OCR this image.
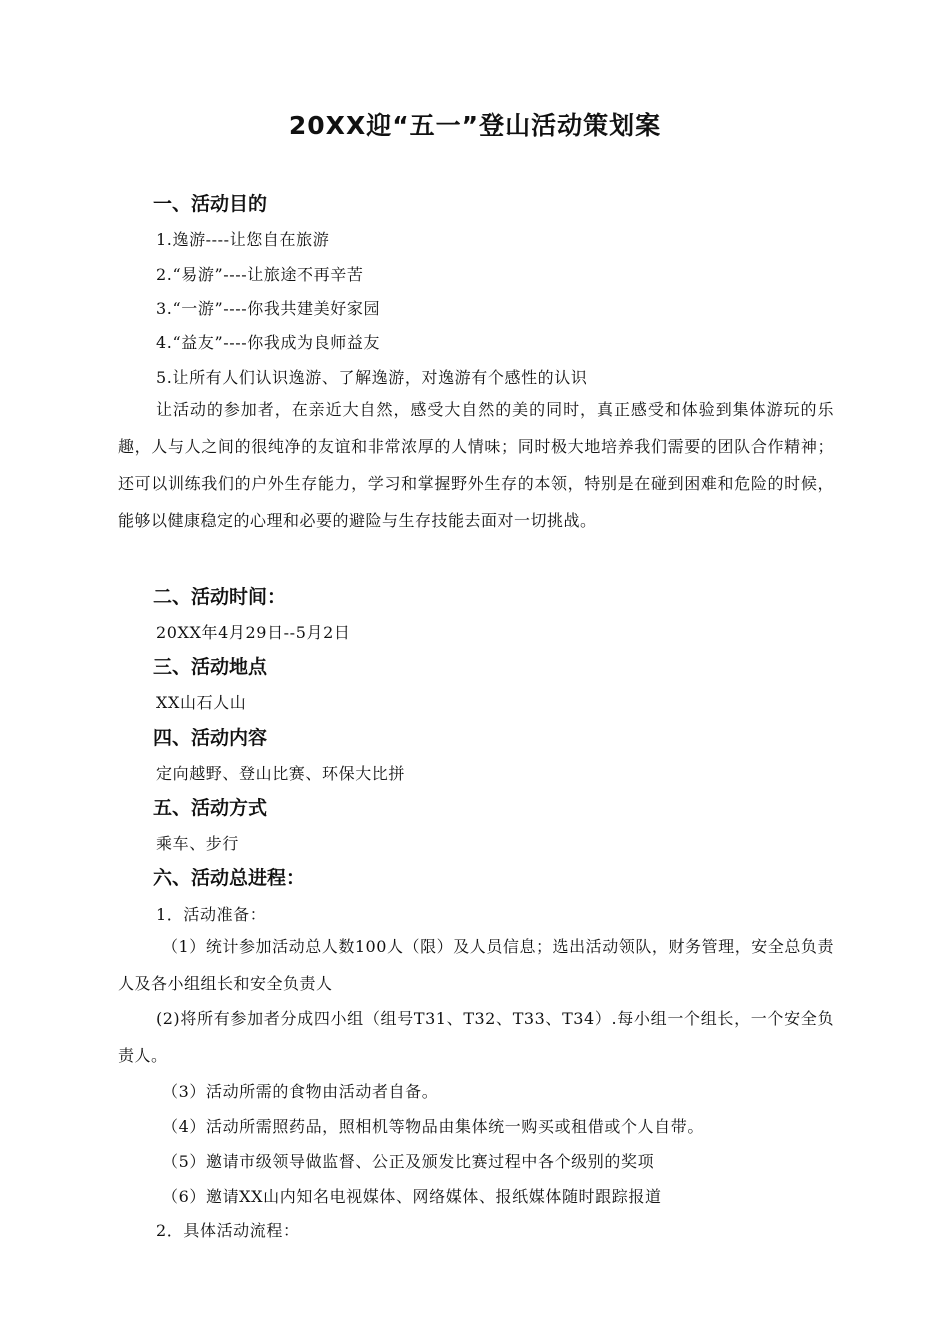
20XX迎“五一”登山活动策划案
一、活动目的
1.逸游----让您自在旅游
2.“易游”----让旅途不再辛苦
3.“一游”----你我共建美好家园
4.“益友”----你我成为良师益友
5.让所有人们认识逸游、了解逸游，对逸游有个感性的认识
让活动的参加者，在亲近大自然，感受大自然的美的同时，真正感受和体验到集体游玩的乐趣，人与人之间的很纯净的友谊和非常浓厚的人情味；同时极大地培养我们需要的团队合作精神；还可以训练我们的户外生存能力，学习和掌握野外生存的本领，特别是在碰到困难和危险的时候，能够以健康稳定的心理和必要的避险与生存技能去面对一切挑战。
二、活动时间：
20XX年4月29日--5月2日
三、活动地点
XX山石人山
四、活动内容
定向越野、登山比赛、环保大比拼
五、活动方式
乘车、步行
六、活动总进程：
1．活动准备：
（1）统计参加活动总人数100人（限）及人员信息；选出活动领队，财务管理，安全总负责人及各小组组长和安全负责人
(2)将所有参加者分成四小组（组号T31、T32、T33、T34）.每小组一个组长，一个安全负责人。
（3）活动所需的食物由活动者自备。
（4）活动所需照药品，照相机等物品由集体统一购买或租借或个人自带。
（5）邀请市级领导做监督、公正及颁发比赛过程中各个级别的奖项
（6）邀请XX山内知名电视媒体、网络媒体、报纸媒体随时跟踪报道
2．具体活动流程：
